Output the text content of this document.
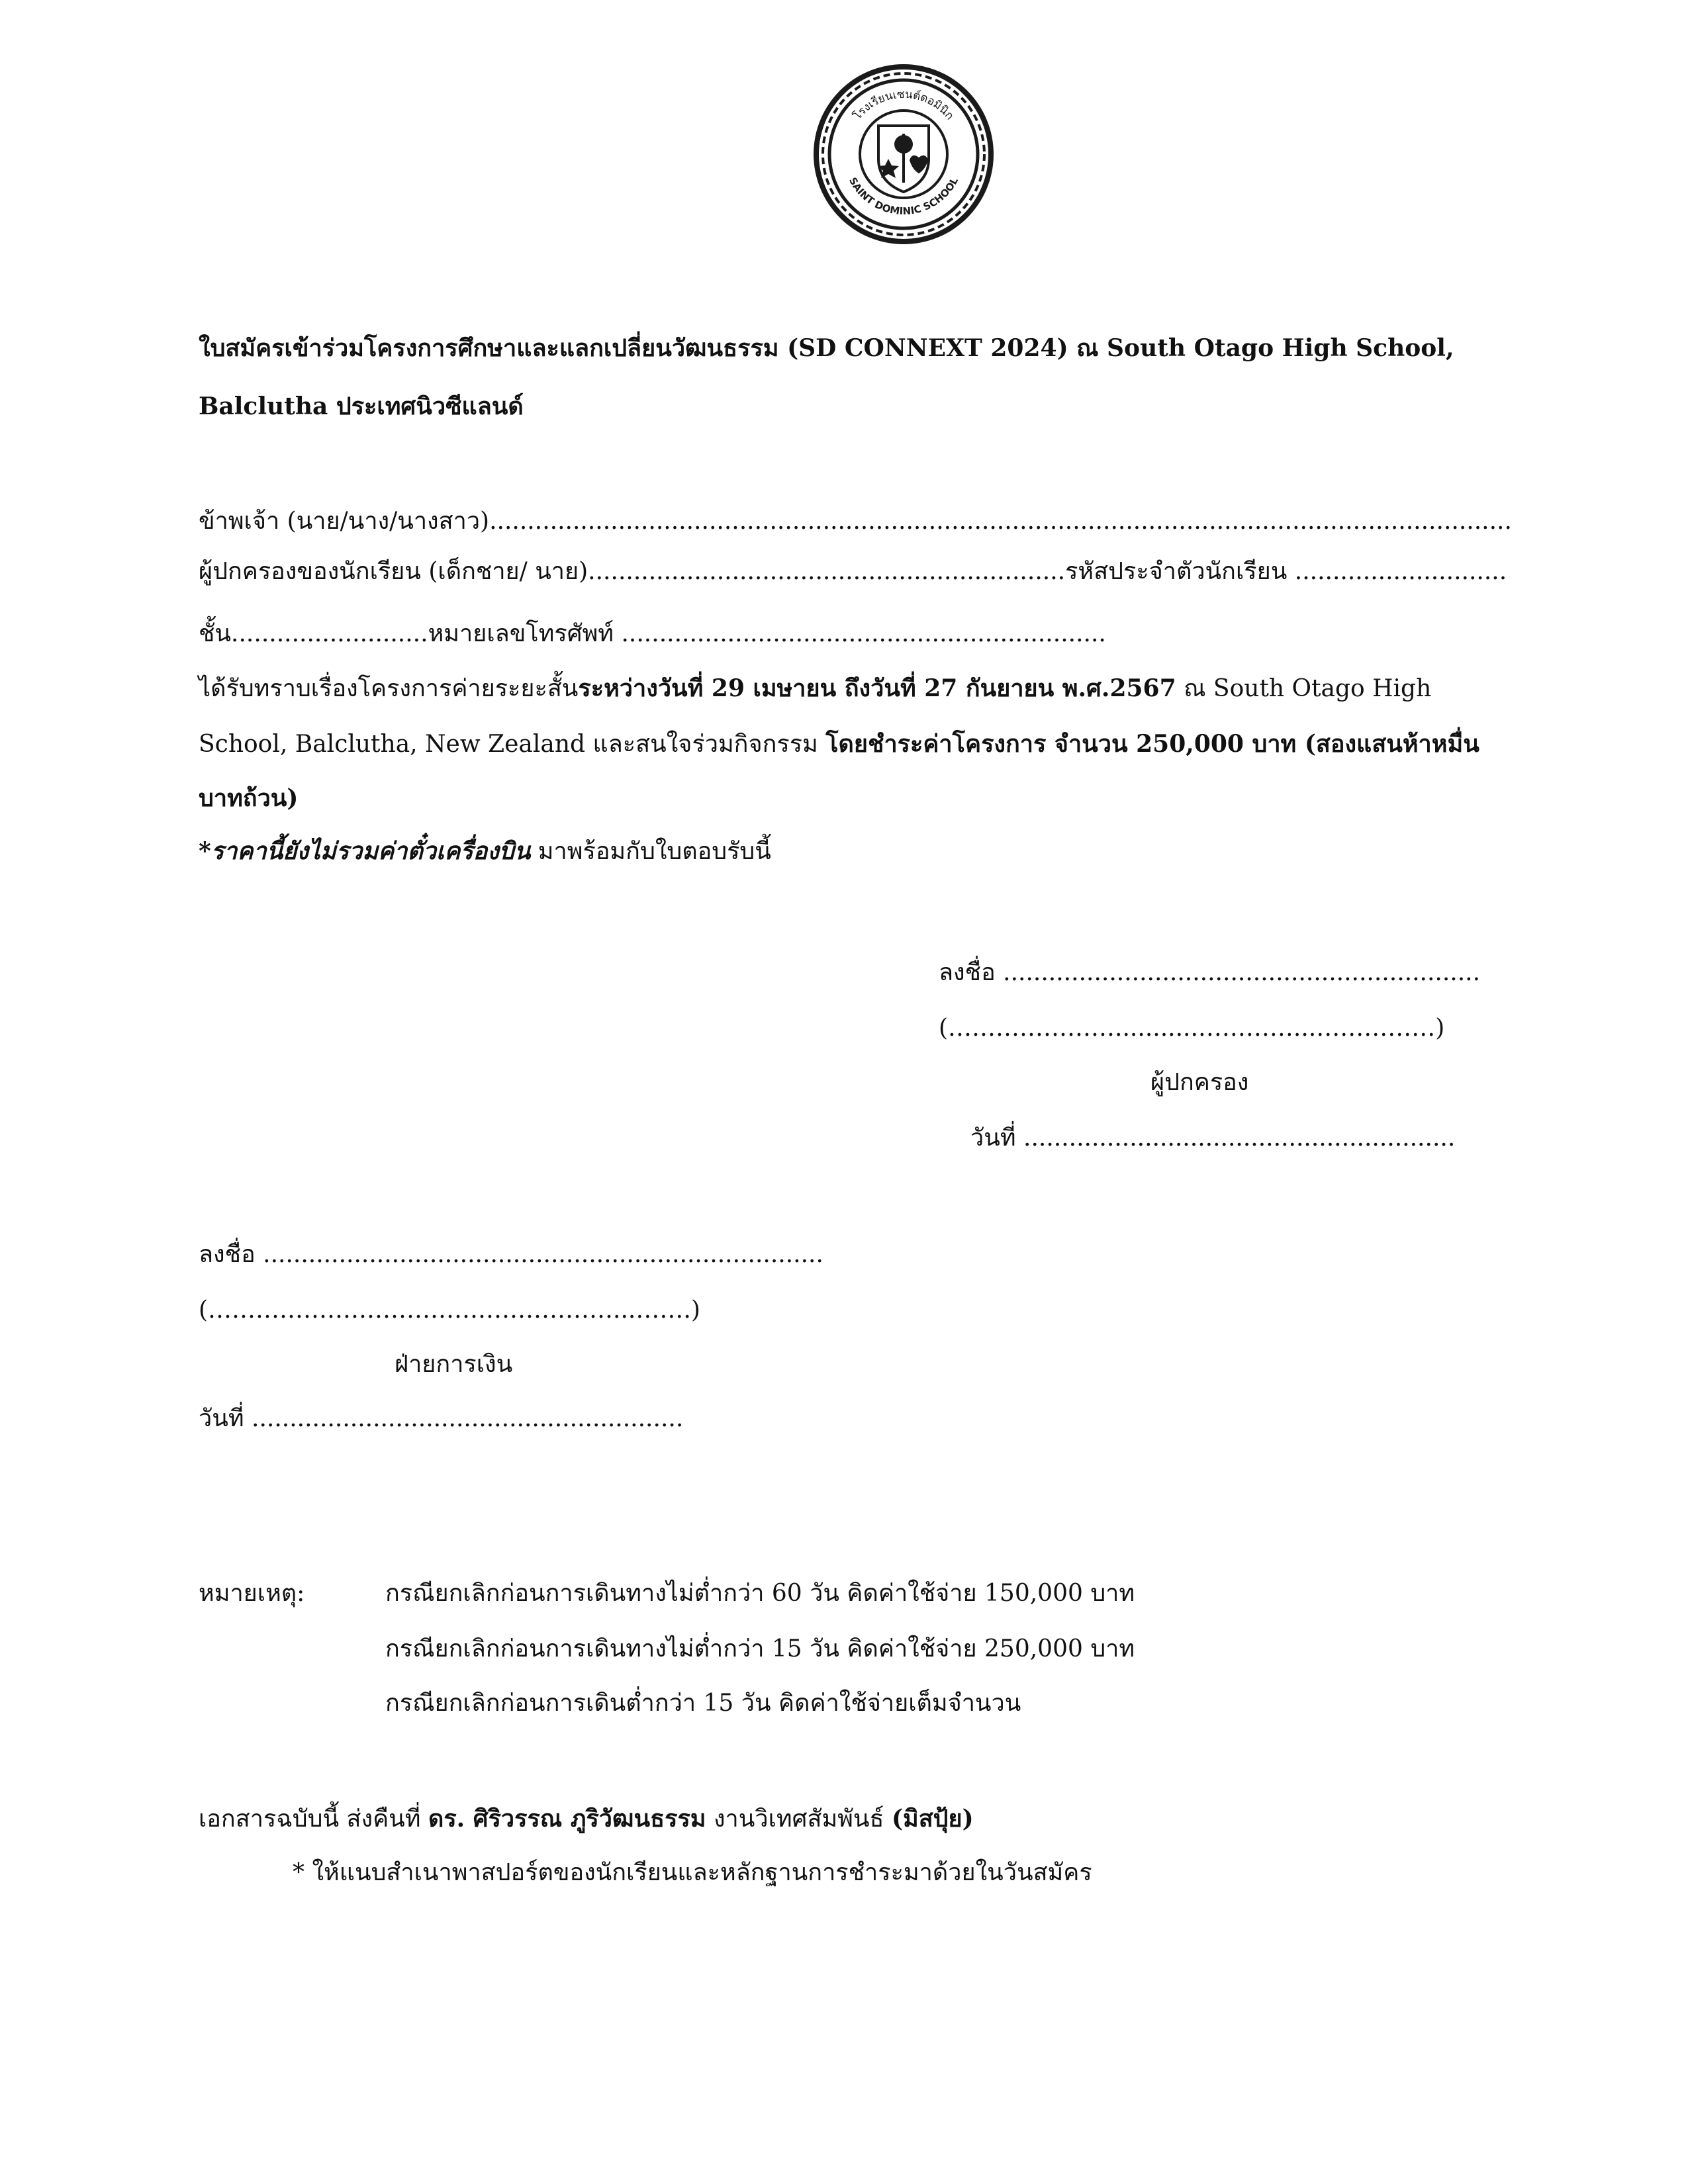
โรงเรียนเซนต์ดอมินิก
SAINT DOMINIC SCHOOL
ใบสมัครเข้าร่วมโครงการศึกษาและแลกเปลี่ยนวัฒนธรรม (SD CONNEXT 2024) ณ South Otago High School,
Balclutha ประเทศนิวซีแลนด์
ข้าพเจ้า (นาย/นาง/นางสาว).......................................................................................................................................
ผู้ปกครองของนักเรียน (เด็กชาย/ นาย)...............................................................รหัสประจำตัวนักเรียน ............................
ชั้น..........................หมายเลขโทรศัพท์ ................................................................
ได้รับทราบเรื่องโครงการค่ายระยะสั้นระหว่างวันที่ 29 เมษายน ถึงวันที่ 27 กันยายน พ.ศ.2567 ณ South Otago High
School, Balclutha, New Zealand และสนใจร่วมกิจกรรม โดยชำระค่าโครงการ จำนวน 250,000 บาท (สองแสนห้าหมื่น
บาทถ้วน)
*ราคานี้ยังไม่รวมค่าตั๋วเครื่องบิน มาพร้อมกับใบตอบรับนี้
ลงชื่อ ...............................................................
(…………………...........…………...……………)
ผู้ปกครอง
วันที่ .........................................................
ลงชื่อ ..........................................................................
(……………………………………………...…….)
ฝ่ายการเงิน
วันที่ .........................................................
หมายเหตุ:	กรณียกเลิกก่อนการเดินทางไม่ต่ำกว่า 60 วัน คิดค่าใช้จ่าย 150,000 บาท
กรณียกเลิกก่อนการเดินทางไม่ต่ำกว่า 15 วัน คิดค่าใช้จ่าย 250,000 บาท
กรณียกเลิกก่อนการเดินต่ำกว่า 15 วัน คิดค่าใช้จ่ายเต็มจำนวน
เอกสารฉบับนี้ ส่งคืนที่ ดร. ศิริวรรณ ภูริวัฒนธรรม งานวิเทศสัมพันธ์ (มิสปุ้ย)
* ให้แนบสำเนาพาสปอร์ตของนักเรียนและหลักฐานการชำระมาด้วยในวันสมัคร
